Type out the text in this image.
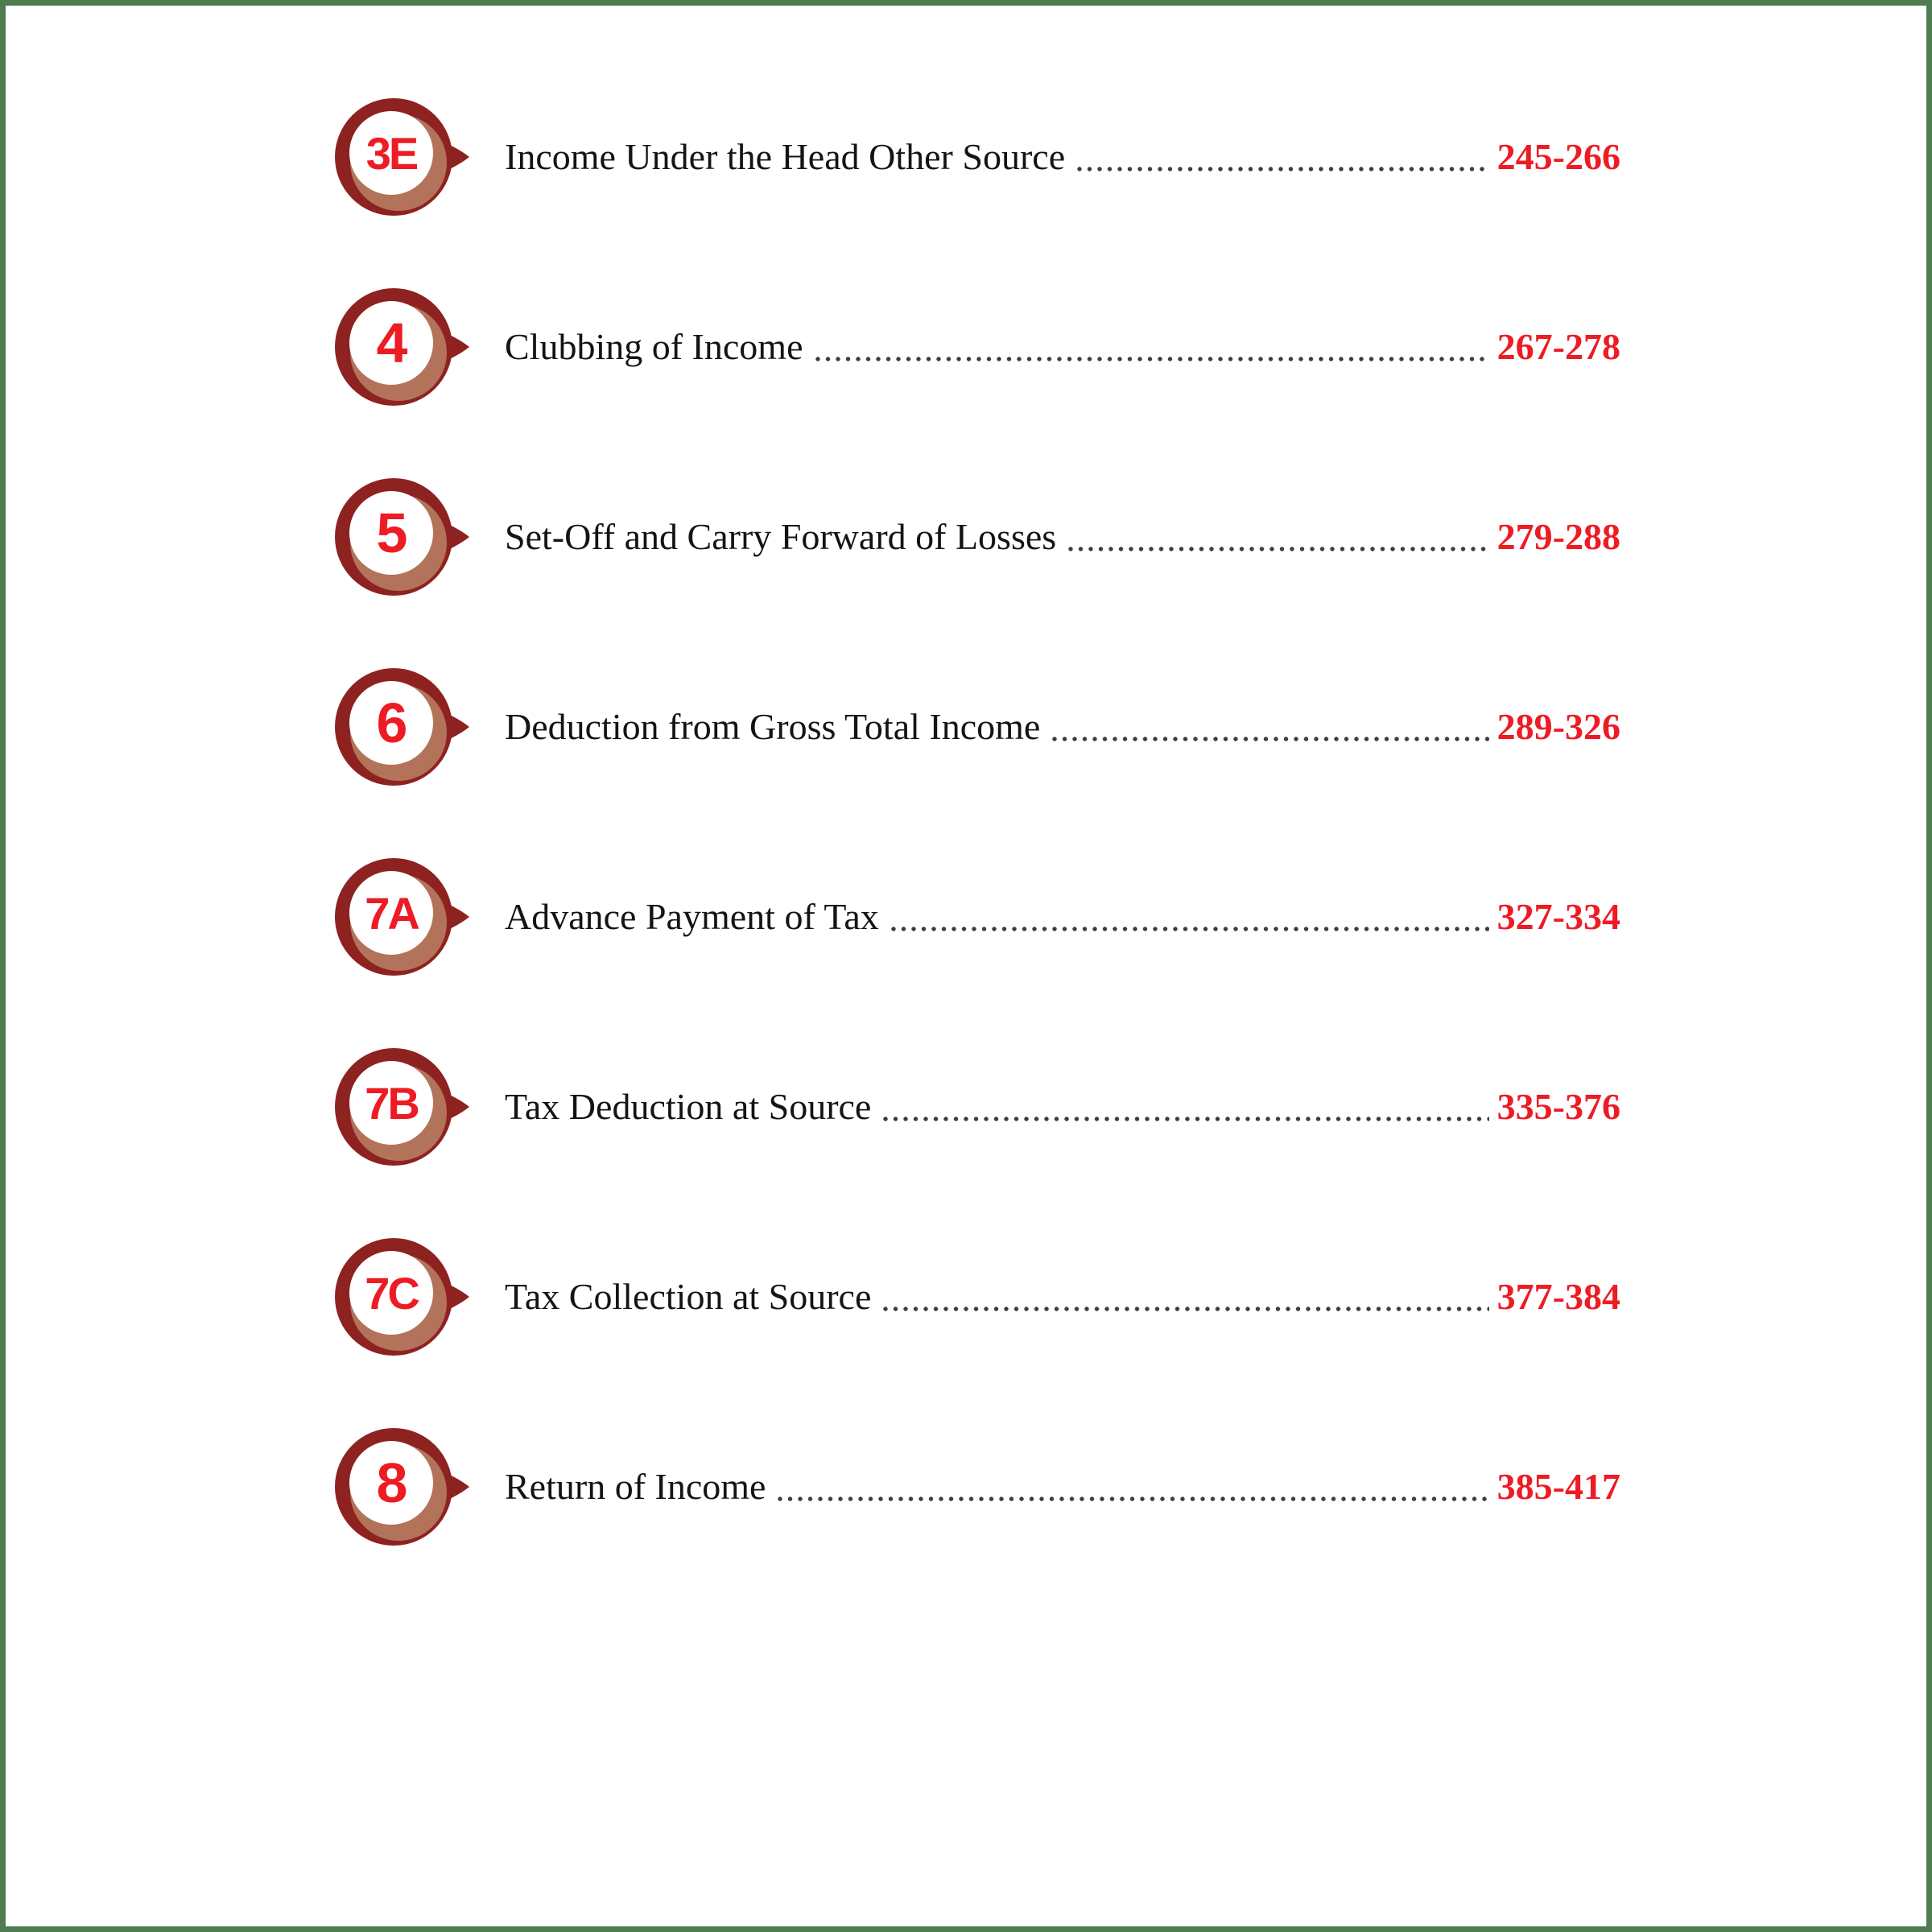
3E	Income Under the Head Other Source	245-266
4	Clubbing of Income	267-278
5	Set-Off and Carry Forward of Losses	279-288
6	Deduction from Gross Total Income	289-326
7A	Advance Payment of Tax	327-334
7B	Tax Deduction at Source	335-376
7C	Tax Collection at Source	377-384
8	Return of Income	385-417
